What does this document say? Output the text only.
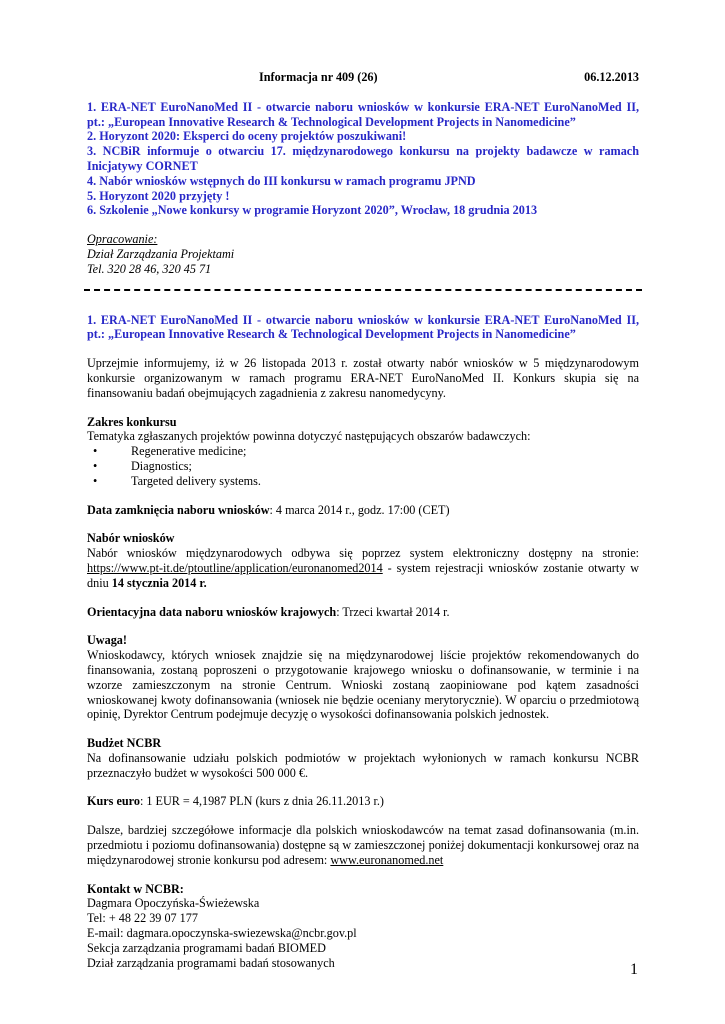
Informacja nr 409 (26)	06.12.2013

1. ERA-NET EuroNanoMed II - otwarcie naboru wniosków w konkursie ERA-NET EuroNanoMed II, pt.: „European Innovative Research & Technological Development Projects in Nanomedicine”

2. Horyzont 2020: Eksperci do oceny projektów poszukiwani!

3. NCBiR informuje o otwarciu 17. międzynarodowego konkursu na projekty badawcze w ramach Inicjatywy CORNET

4. Nabór wniosków wstępnych do III konkursu w ramach programu JPND

5. Horyzont 2020 przyjęty !

6. Szkolenie „Nowe konkursy w programie Horyzont 2020”, Wrocław, 18 grudnia 2013

Opracowanie:

Dział Zarządzania Projektami

Tel. 320 28 46, 320 45 71

1. ERA-NET EuroNanoMed II - otwarcie naboru wniosków w konkursie ERA-NET EuroNanoMed II, pt.: „European Innovative Research & Technological Development Projects in Nanomedicine”

Uprzejmie informujemy, iż w 26 listopada 2013 r. został otwarty nabór wniosków w 5 międzynarodowym konkursie organizowanym w ramach programu ERA-NET EuroNanoMed II. Konkurs skupia się na finansowaniu badań obejmujących zagadnienia z zakresu nanomedycyny.

Zakres konkursu

Tematyka zgłaszanych projektów powinna dotyczyć następujących obszarów badawczych:

•	Regenerative medicine;
•	Diagnostics;
•	Targeted delivery systems.

Data zamknięcia naboru wniosków: 4 marca 2014 r., godz. 17:00 (CET)

Nabór wniosków

Nabór wniosków międzynarodowych odbywa się poprzez system elektroniczny dostępny na stronie: https://www.pt-it.de/ptoutline/application/euronanomed2014 - system rejestracji wniosków zostanie otwarty w dniu 14 stycznia 2014 r.

Orientacyjna data naboru wniosków krajowych: Trzeci kwartał 2014 r.

Uwaga!

Wnioskodawcy, których wniosek znajdzie się na międzynarodowej liście projektów rekomendowanych do finansowania, zostaną poproszeni o przygotowanie krajowego wniosku o dofinansowanie, w terminie i na wzorze zamieszczonym na stronie Centrum. Wnioski zostaną zaopiniowane pod kątem zasadności wnioskowanej kwoty dofinansowania (wniosek nie będzie oceniany merytorycznie). W oparciu o przedmiotową opinię, Dyrektor Centrum podejmuje decyzję o wysokości dofinansowania polskich jednostek.

Budżet NCBR

Na dofinansowanie udziału polskich podmiotów w projektach wyłonionych w ramach konkursu NCBR przeznaczyło budżet w wysokości 500 000 €.

Kurs euro: 1 EUR = 4,1987 PLN (kurs z dnia 26.11.2013 r.)

Dalsze, bardziej szczegółowe informacje dla polskich wnioskodawców na temat zasad dofinansowania (m.in. przedmiotu i poziomu dofinansowania) dostępne są w zamieszczonej poniżej dokumentacji konkursowej oraz na międzynarodowej stronie konkursu pod adresem: www.euronanomed.net

Kontakt w NCBR:

Dagmara Opoczyńska-Świeżewska

Tel: + 48 22 39 07 177

E-mail: dagmara.opoczynska-swiezewska@ncbr.gov.pl

Sekcja zarządzania programami badań BIOMED

Dział zarządzania programami badań stosowanych	1
